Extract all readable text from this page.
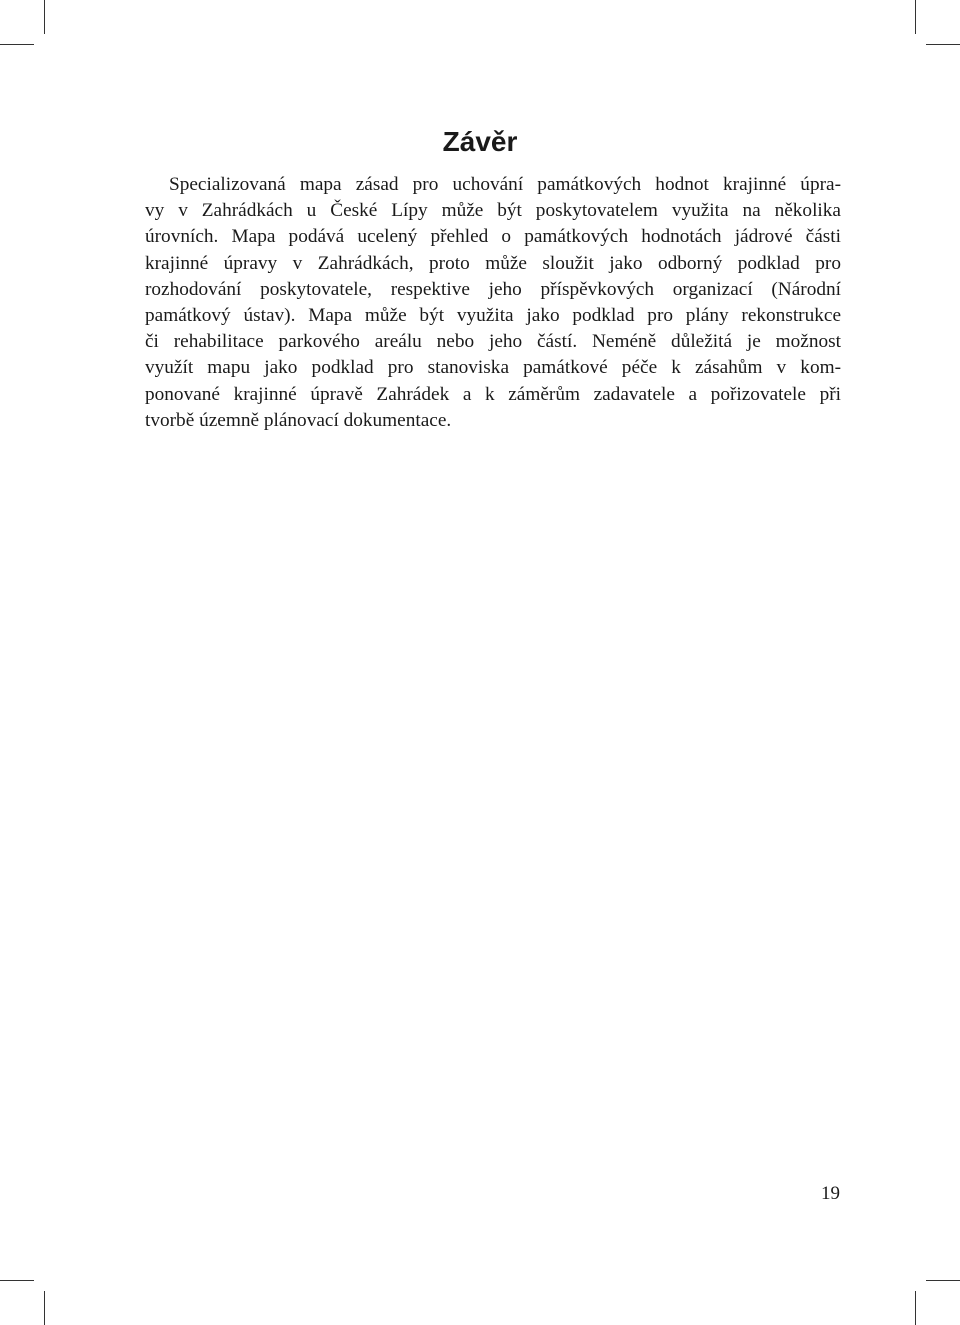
Závěr

Specializovaná mapa zásad pro uchování památkových hodnot krajinné úpra-
vy v Zahrádkách u České Lípy může být poskytovatelem využita na několika
úrovních. Mapa podává ucelený přehled o památkových hodnotách jádrové části
krajinné úpravy v Zahrádkách, proto může sloužit jako odborný podklad pro
rozhodování poskytovatele, respektive jeho příspěvkových organizací (Národní
památkový ústav). Mapa může být využita jako podklad pro plány rekonstrukce
či rehabilitace parkového areálu nebo jeho částí. Neméně důležitá je možnost
využít mapu jako podklad pro stanoviska památkové péče k zásahům v kom-
ponované krajinné úpravě Zahrádek a k záměrům zadavatele a pořizovatele při
tvorbě územně plánovací dokumentace.

19
